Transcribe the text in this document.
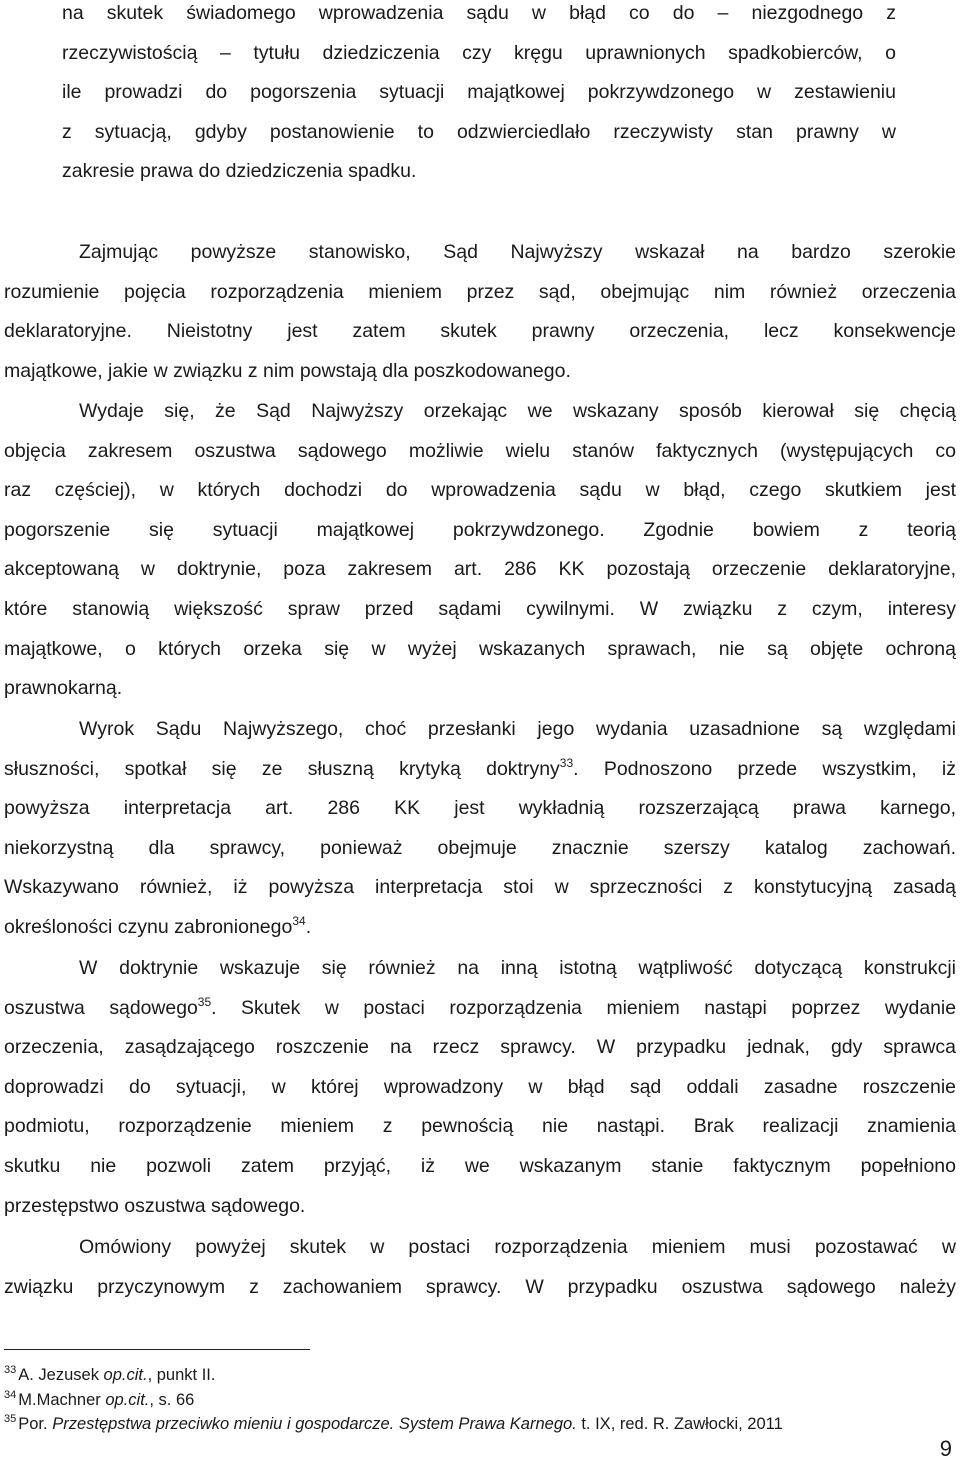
na skutek świadomego wprowadzenia sądu w błąd co do – niezgodnego z
rzeczywistością – tytułu dziedziczenia czy kręgu uprawnionych spadkobierców, o
ile prowadzi do pogorszenia sytuacji majątkowej pokrzywdzonego w zestawieniu
z sytuacją, gdyby postanowienie to odzwierciedlało rzeczywisty stan prawny w
zakresie prawa do dziedziczenia spadku.
Zajmując powyższe stanowisko, Sąd Najwyższy wskazał na bardzo szerokie
rozumienie pojęcia rozporządzenia mieniem przez sąd, obejmując nim również orzeczenia
deklaratoryjne. Nieistotny jest zatem skutek prawny orzeczenia, lecz konsekwencje
majątkowe, jakie w związku z nim powstają dla poszkodowanego.
Wydaje się, że Sąd Najwyższy orzekając we wskazany sposób kierował się chęcią
objęcia zakresem oszustwa sądowego możliwie wielu stanów faktycznych (występujących co
raz częściej), w których dochodzi do wprowadzenia sądu w błąd, czego skutkiem jest
pogorszenie się sytuacji majątkowej pokrzywdzonego. Zgodnie bowiem z teorią
akceptowaną w doktrynie, poza zakresem art. 286 KK pozostają orzeczenie deklaratoryjne,
które stanowią większość spraw przed sądami cywilnymi. W związku z czym, interesy
majątkowe, o których orzeka się w wyżej wskazanych sprawach, nie są objęte ochroną
prawnokarną.
Wyrok Sądu Najwyższego, choć przesłanki jego wydania uzasadnione są względami
słuszności, spotkał się ze słuszną krytyką doktryny$^{33}$. Podnoszono przede wszystkim, iż
powyższa interpretacja art. 286 KK jest wykładnią rozszerzającą prawa karnego,
niekorzystną dla sprawcy, ponieważ obejmuje znacznie szerszy katalog zachowań.
Wskazywano również, iż powyższa interpretacja stoi w sprzeczności z konstytucyjną zasadą
określoności czynu zabronionego$^{34}$.
W doktrynie wskazuje się również na inną istotną wątpliwość dotyczącą konstrukcji
oszustwa sądowego$^{35}$. Skutek w postaci rozporządzenia mieniem nastąpi poprzez wydanie
orzeczenia, zasądzającego roszczenie na rzecz sprawcy. W przypadku jednak, gdy sprawca
doprowadzi do sytuacji, w której wprowadzony w błąd sąd oddali zasadne roszczenie
podmiotu, rozporządzenie mieniem z pewnością nie nastąpi. Brak realizacji znamienia
skutku nie pozwoli zatem przyjąć, iż we wskazanym stanie faktycznym popełniono
przestępstwo oszustwa sądowego.
Omówiony powyżej skutek w postaci rozporządzenia mieniem musi pozostawać w
związku przyczynowym z zachowaniem sprawcy. W przypadku oszustwa sądowego należy
$^{33}$ A. Jezusek op.cit., punkt II.
$^{34}$ M.Machner op.cit., s. 66
$^{35}$ Por. Przestępstwa przeciwko mieniu i gospodarcze. System Prawa Karnego. t. IX, red. R. Zawłocki, 2011
9
